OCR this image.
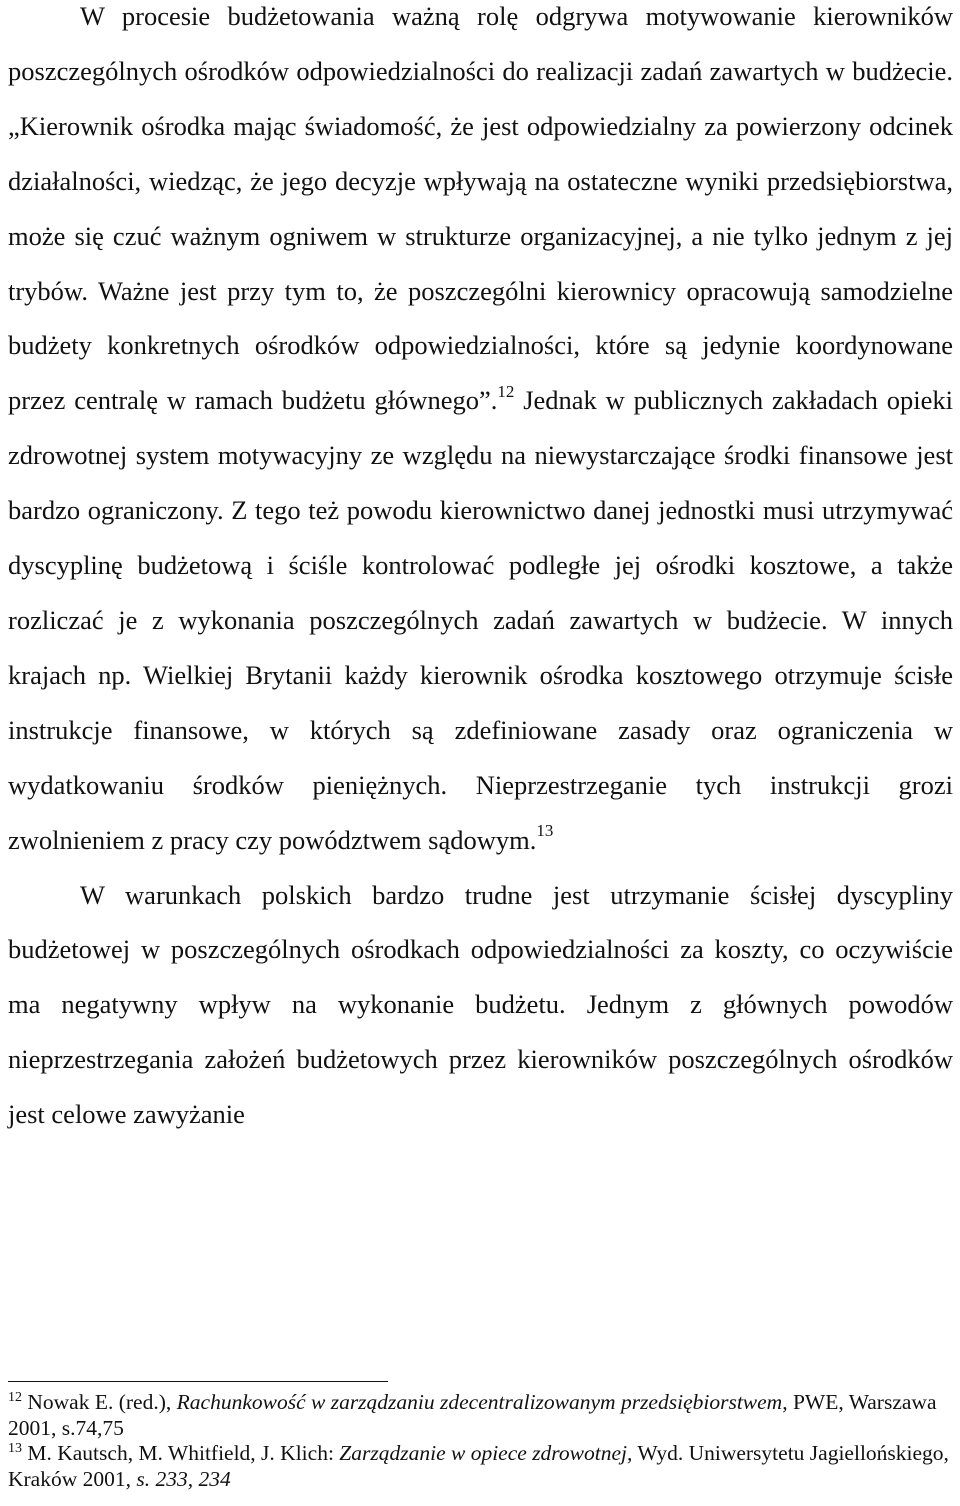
W procesie budżetowania ważną rolę odgrywa motywowanie kierowników poszczególnych ośrodków odpowiedzialności do realizacji zadań zawartych w budżecie. „Kierownik ośrodka mając świadomość, że jest odpowiedzialny za powierzony odcinek działalności, wiedząc, że jego decyzje wpływają na ostateczne wyniki przedsiębiorstwa, może się czuć ważnym ogniwem w strukturze organizacyjnej, a nie tylko jednym z jej trybów. Ważne jest przy tym to, że poszczególni kierownicy opracowują samodzielne budżety konkretnych ośrodków odpowiedzialności, które są jedynie koordynowane przez centralę w ramach budżetu głównego”.$^{12}$ Jednak w publicznych zakładach opieki zdrowotnej system motywacyjny ze względu na niewystarczające środki finansowe jest bardzo ograniczony. Z tego też powodu kierownictwo danej jednostki musi utrzymywać dyscyplinę budżetową i ściśle kontrolować podległe jej ośrodki kosztowe, a także rozliczać je z wykonania poszczególnych zadań zawartych w budżecie. W innych krajach np. Wielkiej Brytanii każdy kierownik ośrodka kosztowego otrzymuje ścisłe instrukcje finansowe, w których są zdefiniowane zasady oraz ograniczenia w wydatkowaniu środków pieniężnych. Nieprzestrzeganie tych instrukcji grozi zwolnieniem z pracy czy powództwem sądowym.$^{13}$

W warunkach polskich bardzo trudne jest utrzymanie ścisłej dyscypliny budżetowej w poszczególnych ośrodkach odpowiedzialności za koszty, co oczywiście ma negatywny wpływ na wykonanie budżetu. Jednym z głównych powodów nieprzestrzegania założeń budżetowych przez kierowników poszczególnych ośrodków jest celowe zawyżanie

$^{12}$ Nowak E. (red.), Rachunkowość w zarządzaniu zdecentralizowanym przedsiębiorstwem, PWE, Warszawa 2001, s.74,75

$^{13}$ M. Kautsch, M. Whitfield, J. Klich: Zarządzanie w opiece zdrowotnej, Wyd. Uniwersytetu Jagiellońskiego, Kraków 2001, s. 233, 234
